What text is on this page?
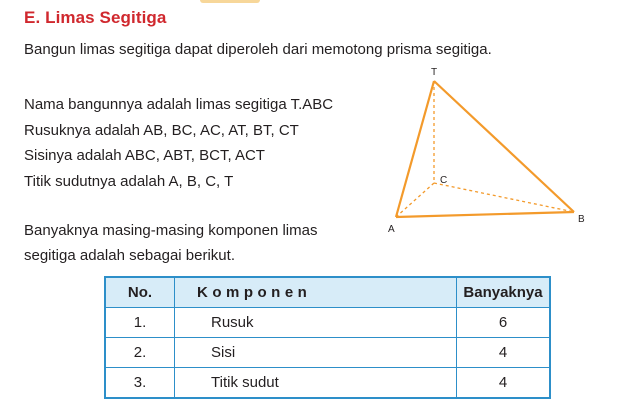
E. Limas Segitiga
Bangun limas segitiga dapat diperoleh dari memotong prisma segitiga.
Nama bangunnya adalah limas segitiga T.ABC
Rusuknya adalah AB, BC, AC, AT, BT, CT
Sisinya adalah ABC, ABT, BCT, ACT
Titik sudutnya adalah A, B, C, T
Banyaknya masing-masing komponen limas segitiga adalah sebagai berikut.
T
A
B
C
No.	Komponen	Banyaknya
1.	Rusuk	6
2.	Sisi	4
3.	Titik sudut	4
